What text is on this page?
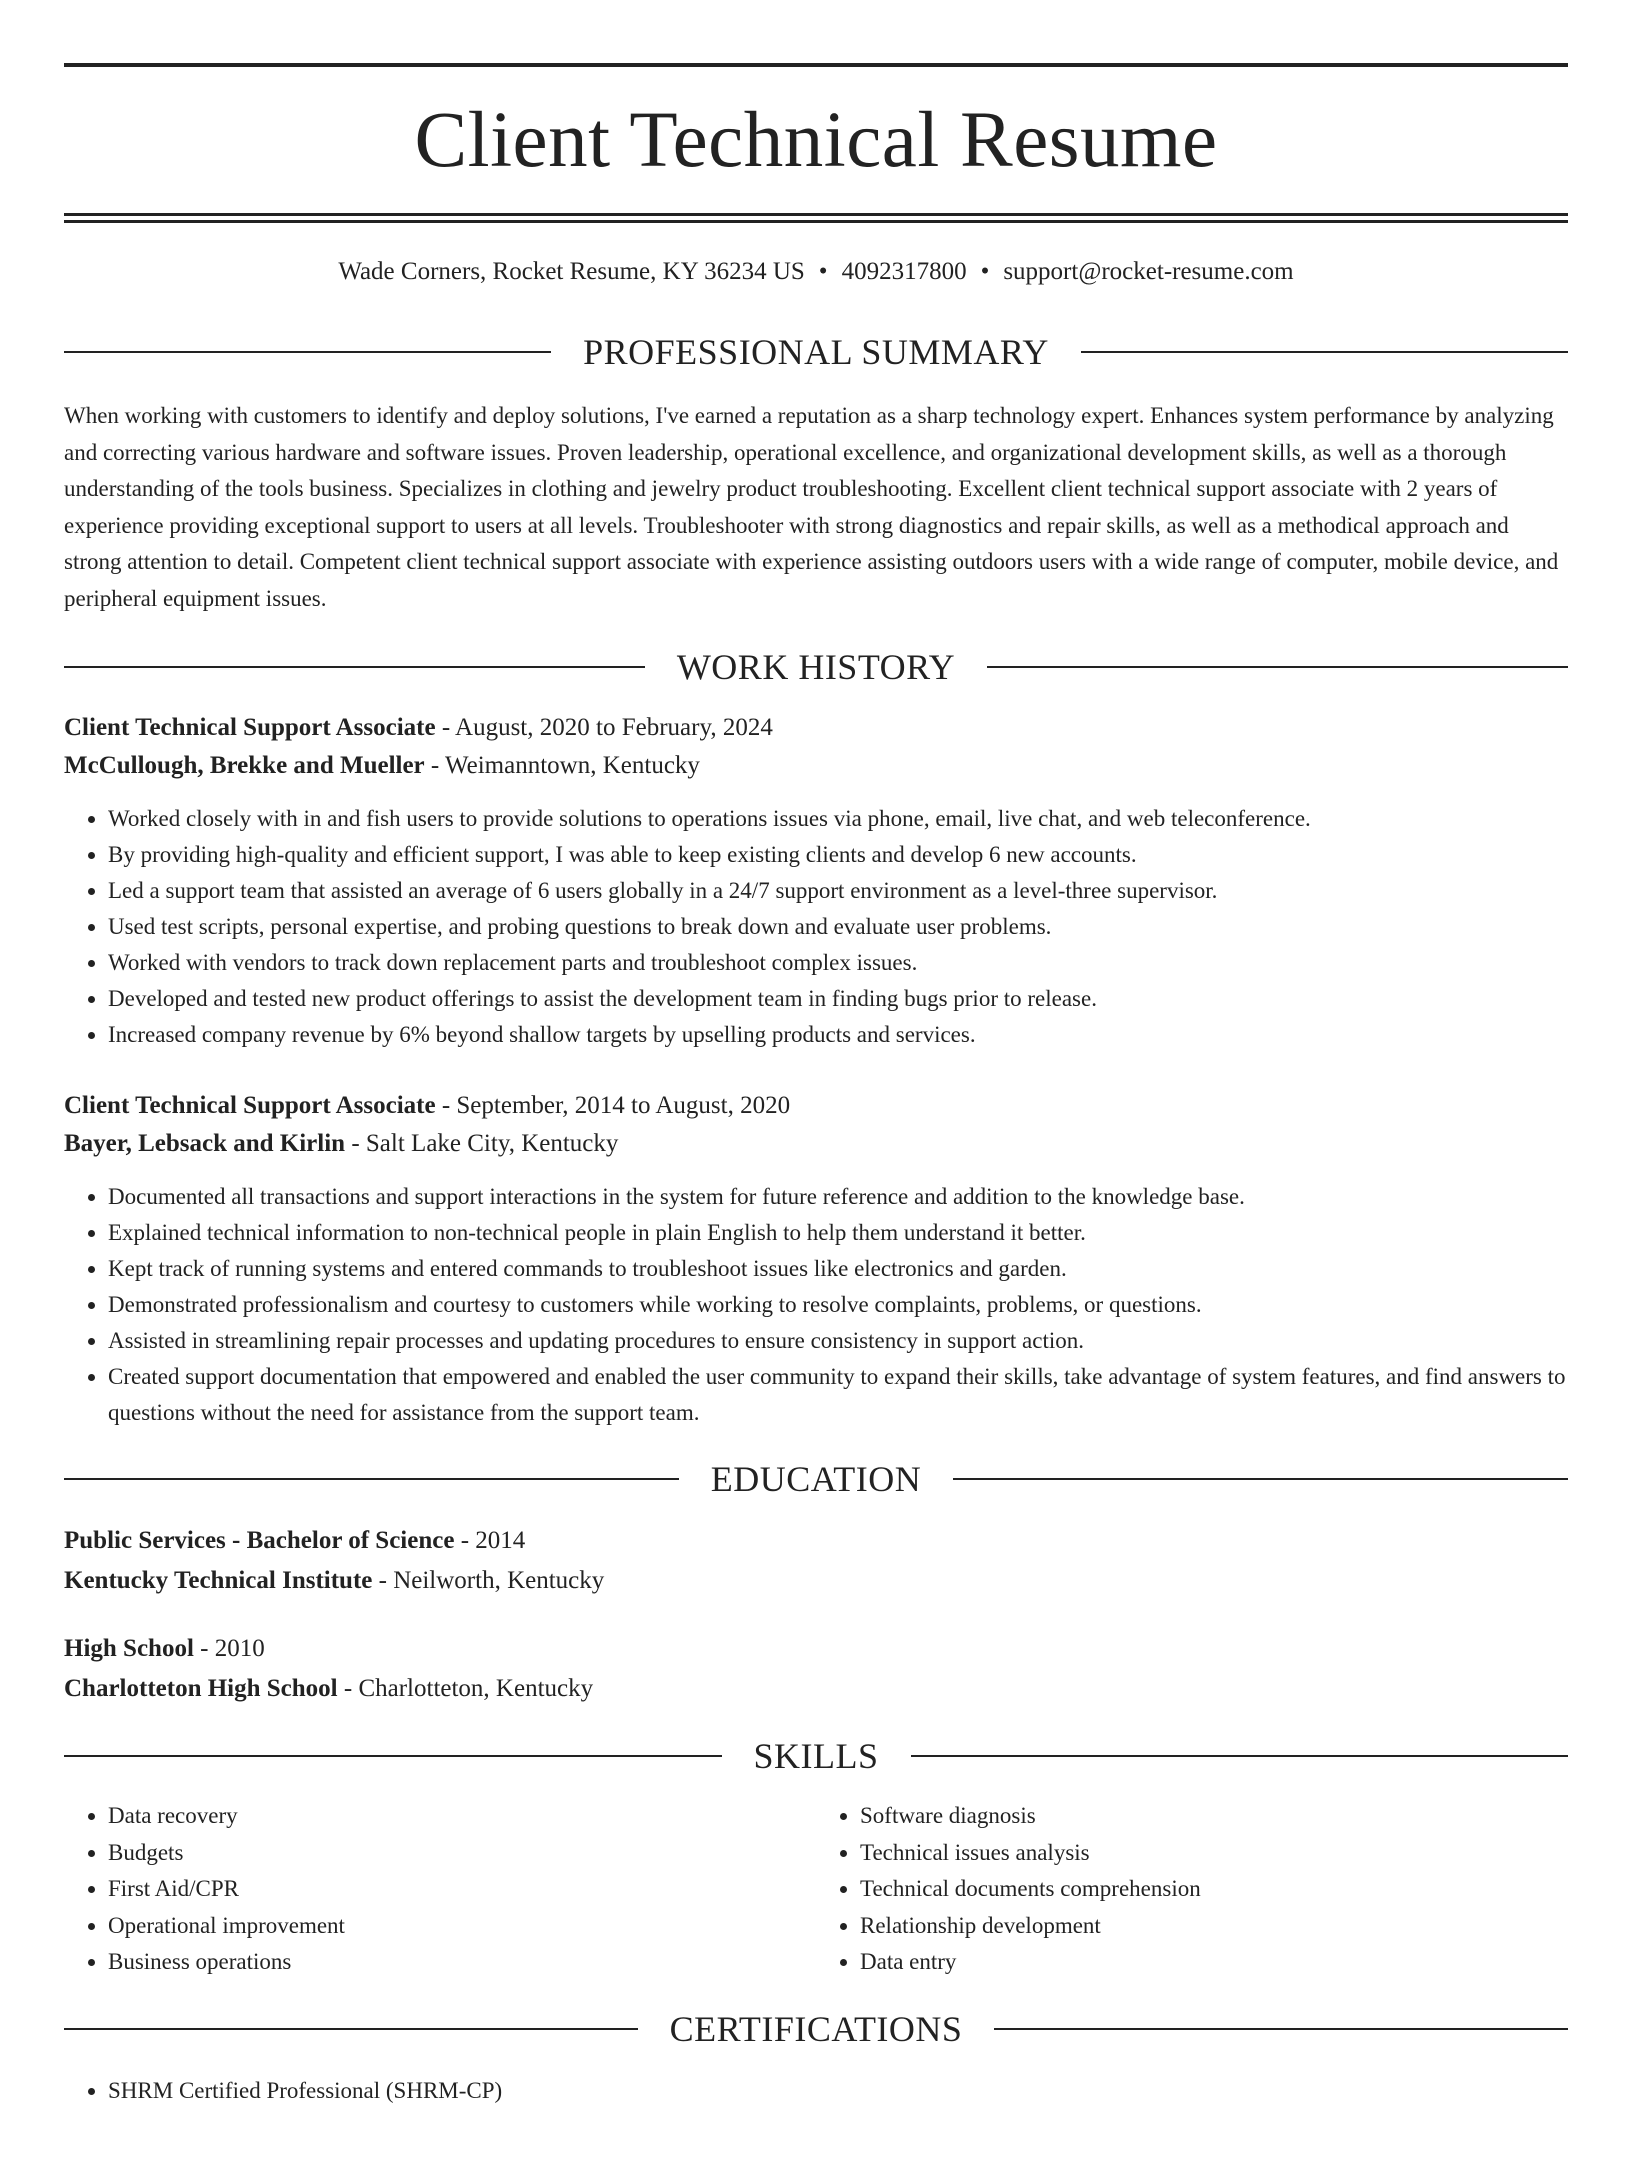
Client Technical Resume
Wade Corners, Rocket Resume, KY 36234 US • 4092317800 • support@rocket-resume.com
PROFESSIONAL SUMMARY

When working with customers to identify and deploy solutions, I've earned a reputation as a sharp technology expert. Enhances system performance by analyzing and correcting various hardware and software issues. Proven leadership, operational excellence, and organizational development skills, as well as a thorough understanding of the tools business. Specializes in clothing and jewelry product troubleshooting. Excellent client technical support associate with 2 years of experience providing exceptional support to users at all levels. Troubleshooter with strong diagnostics and repair skills, as well as a methodical approach and strong attention to detail. Competent client technical support associate with experience assisting outdoors users with a wide range of computer, mobile device, and peripheral equipment issues.

WORK HISTORY

Client Technical Support Associate - August, 2020 to February, 2024

McCullough, Brekke and Mueller - Weimanntown, Kentucky

• Worked closely with in and fish users to provide solutions to operations issues via phone, email, live chat, and web teleconference.
• By providing high-quality and efficient support, I was able to keep existing clients and develop 6 new accounts.
• Led a support team that assisted an average of 6 users globally in a 24/7 support environment as a level-three supervisor.
• Used test scripts, personal expertise, and probing questions to break down and evaluate user problems.
• Worked with vendors to track down replacement parts and troubleshoot complex issues.
• Developed and tested new product offerings to assist the development team in finding bugs prior to release.
• Increased company revenue by 6% beyond shallow targets by upselling products and services.

Client Technical Support Associate - September, 2014 to August, 2020

Bayer, Lebsack and Kirlin - Salt Lake City, Kentucky

• Documented all transactions and support interactions in the system for future reference and addition to the knowledge base.
• Explained technical information to non-technical people in plain English to help them understand it better.
• Kept track of running systems and entered commands to troubleshoot issues like electronics and garden.
• Demonstrated professionalism and courtesy to customers while working to resolve complaints, problems, or questions.
• Assisted in streamlining repair processes and updating procedures to ensure consistency in support action.
• Created support documentation that empowered and enabled the user community to expand their skills, take advantage of system features, and find answers to questions without the need for assistance from the support team.
EDUCATION

Public Services - Bachelor of Science - 2014

Kentucky Technical Institute - Neilworth, Kentucky

High School - 2010

Charlotteton High School - Charlotteton, Kentucky

SKILLS
• Data recovery
• Budgets
• First Aid/CPR
• Operational improvement
• Business operations
• Software diagnosis
• Technical issues analysis
• Technical documents comprehension
• Relationship development
• Data entry
CERTIFICATIONS
• SHRM Certified Professional (SHRM-CP)
